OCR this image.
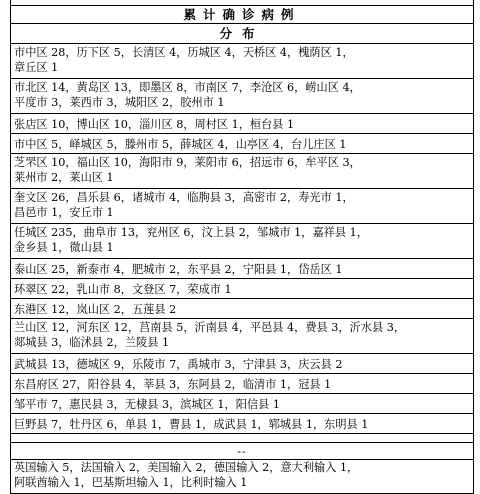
累计确诊病例
分布
市中区 28，历下区 5，长清区 4，历城区 4，天桥区 4，槐荫区 1，
章丘区 1
市北区 14，黄岛区 13，即墨区 8，市南区 7，李沧区 6，崂山区 4，
平度市 3，莱西市 3，城阳区 2，胶州市 1
张店区 10，博山区 10，淄川区 8，周村区 1，桓台县 1
市中区 5，峄城区 5，滕州市 5，薛城区 4，山亭区 4，台儿庄区 1
芝罘区 10，福山区 10，海阳市 9，莱阳市 6，招远市 6，牟平区 3，
莱州市 2，莱山区 1
奎文区 26，昌乐县 6，诸城市 4，临朐县 3，高密市 2，寿光市 1，
昌邑市 1，安丘市 1
任城区 235，曲阜市 13，兖州区 6，汶上县 2，邹城市 1，嘉祥县 1，
金乡县 1，微山县 1
泰山区 25，新泰市 4，肥城市 2，东平县 2，宁阳县 1，岱岳区 1
环翠区 22，乳山市 8，文登区 7，荣成市 1
东港区 12，岚山区 2，五莲县 2
兰山区 12，河东区 12，莒南县 5，沂南县 4，平邑县 4，费县 3，沂水县 3，
郯城县 3，临沭县 2，兰陵县 1
武城县 13，德城区 9，乐陵市 7，禹城市 3，宁津县 3，庆云县 2
东昌府区 27，阳谷县 4，莘县 3，东阿县 2，临清市 1，冠县 1
邹平市 7，惠民县 3，无棣县 3，滨城区 1，阳信县 1
巨野县 7，牡丹区 6，单县 1，曹县 1，成武县 1，郓城县 1，东明县 1
--
英国输入 5，法国输入 2，美国输入 2，德国输入 2，意大利输入 1，
阿联酋输入 1，巴基斯坦输入 1，比利时输入 1
